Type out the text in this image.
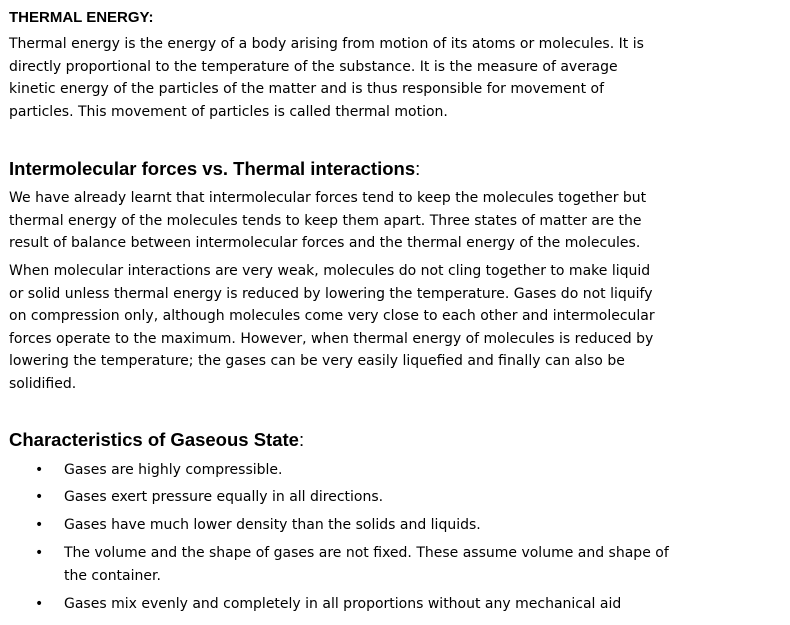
THERMAL ENERGY:
Thermal energy is the energy of a body arising from motion of its atoms or molecules. It is
directly proportional to the temperature of the substance. It is the measure of average
kinetic energy of the particles of the matter and is thus responsible for movement of
particles. This movement of particles is called thermal motion.
Intermolecular forces vs. Thermal interactions:
We have already learnt that intermolecular forces tend to keep the molecules together but
thermal energy of the molecules tends to keep them apart. Three states of matter are the
result of balance between intermolecular forces and the thermal energy of the molecules.
When molecular interactions are very weak, molecules do not cling together to make liquid
or solid unless thermal energy is reduced by lowering the temperature. Gases do not liquify
on compression only, although molecules come very close to each other and intermolecular
forces operate to the maximum. However, when thermal energy of molecules is reduced by
lowering the temperature; the gases can be very easily liquefied and finally can also be
solidified.
Characteristics of Gaseous State:
• Gases are highly compressible.
• Gases exert pressure equally in all directions.
• Gases have much lower density than the solids and liquids.
• The volume and the shape of gases are not fixed. These assume volume and shape of
the container.
• Gases mix evenly and completely in all proportions without any mechanical aid
